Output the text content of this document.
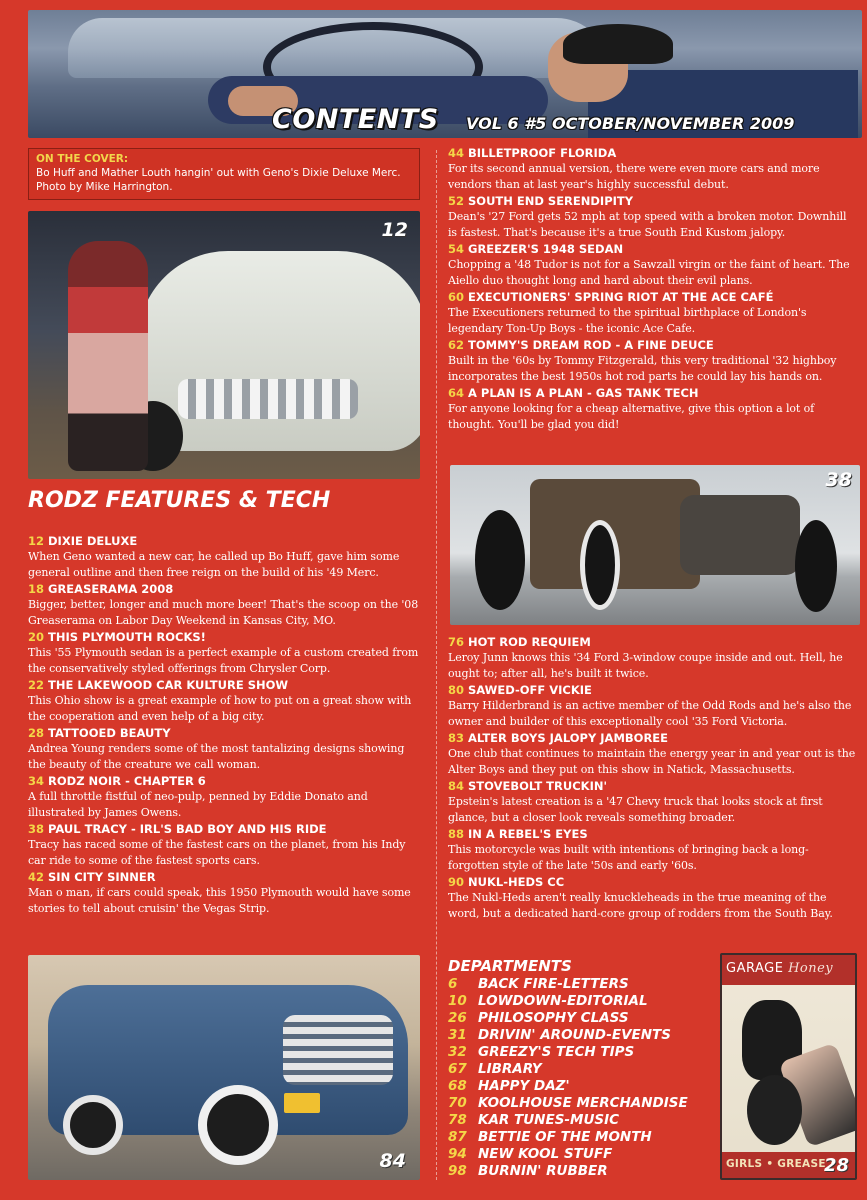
CONTENTS VOL 6 #5 OCTOBER/NOVEMBER 2009
ON THE COVER:
Bo Huff and Mather Louth hangin' out with Geno's Dixie Deluxe Merc.
Photo by Mike Harrington.
12
RODZ FEATURES & TECH
12 DIXIE DELUXE
When Geno wanted a new car, he called up Bo Huff, gave him some general outline and then free reign on the build of his '49 Merc.
18 GREASERAMA 2008
Bigger, better, longer and much more beer! That's the scoop on the '08 Greaserama on Labor Day Weekend in Kansas City, MO.
20 THIS PLYMOUTH ROCKS!
This '55 Plymouth sedan is a perfect example of a custom created from the conservatively styled offerings from Chrysler Corp.
22 THE LAKEWOOD CAR KULTURE SHOW
This Ohio show is a great example of how to put on a great show with the cooperation and even help of a big city.
28 TATTOOED BEAUTY
Andrea Young renders some of the most tantalizing designs showing the beauty of the creature we call woman.
34 RODZ NOIR - CHAPTER 6
A full throttle fistful of neo-pulp, penned by Eddie Donato and illustrated by James Owens.
38 PAUL TRACY - IRL'S BAD BOY AND HIS RIDE
Tracy has raced some of the fastest cars on the planet, from his Indy car ride to some of the fastest sports cars.
42 SIN CITY SINNER
Man o man, if cars could speak, this 1950 Plymouth would have some stories to tell about cruisin' the Vegas Strip.
84
44 BILLETPROOF FLORIDA
For its second annual version, there were even more cars and more vendors than at last year's highly successful debut.
52 SOUTH END SERENDIPITY
Dean's '27 Ford gets 52 mph at top speed with a broken motor. Downhill is fastest. That's because it's a true South End Kustom jalopy.
54 GREEZER'S 1948 SEDAN
Chopping a '48 Tudor is not for a Sawzall virgin or the faint of heart. The Aiello duo thought long and hard about their evil plans.
60 EXECUTIONERS' SPRING RIOT AT THE ACE CAFÉ
The Executioners returned to the spiritual birthplace of London's legendary Ton-Up Boys - the iconic Ace Cafe.
62 TOMMY'S DREAM ROD - A FINE DEUCE
Built in the '60s by Tommy Fitzgerald, this very traditional '32 highboy incorporates the best 1950s hot rod parts he could lay his hands on.
64 A PLAN IS A PLAN - GAS TANK TECH
For anyone looking for a cheap alternative, give this option a lot of thought. You'll be glad you did!
38
76 HOT ROD REQUIEM
Leroy Junn knows this '34 Ford 3-window coupe inside and out. Hell, he ought to; after all, he's built it twice.
80 SAWED-OFF VICKIE
Barry Hilderbrand is an active member of the Odd Rods and he's also the owner and builder of this exceptionally cool '35 Ford Victoria.
83 ALTER BOYS JALOPY JAMBOREE
One club that continues to maintain the energy year in and year out is the Alter Boys and they put on this show in Natick, Massachusetts.
84 STOVEBOLT TRUCKIN'
Epstein's latest creation is a '47 Chevy truck that looks stock at first glance, but a closer look reveals something broader.
88 IN A REBEL'S EYES
This motorcycle was built with intentions of bringing back a long-forgotten style of the late '50s and early '60s.
90 NUKL-HEDS CC
The Nukl-Heds aren't really knuckleheads in the true meaning of the word, but a dedicated hard-core group of rodders from the South Bay.
DEPARTMENTS
6 BACK FIRE-LETTERS
10 LOWDOWN-EDITORIAL
26 PHILOSOPHY CLASS
31 DRIVIN' AROUND-EVENTS
32 GREEZY'S TECH TIPS
67 LIBRARY
68 HAPPY DAZ'
70 KOOLHOUSE MERCHANDISE
78 KAR TUNES-MUSIC
87 BETTIE OF THE MONTH
94 NEW KOOL STUFF
98 BURNIN' RUBBER
GARAGE Honey
GIRLS • GREASE •
28
